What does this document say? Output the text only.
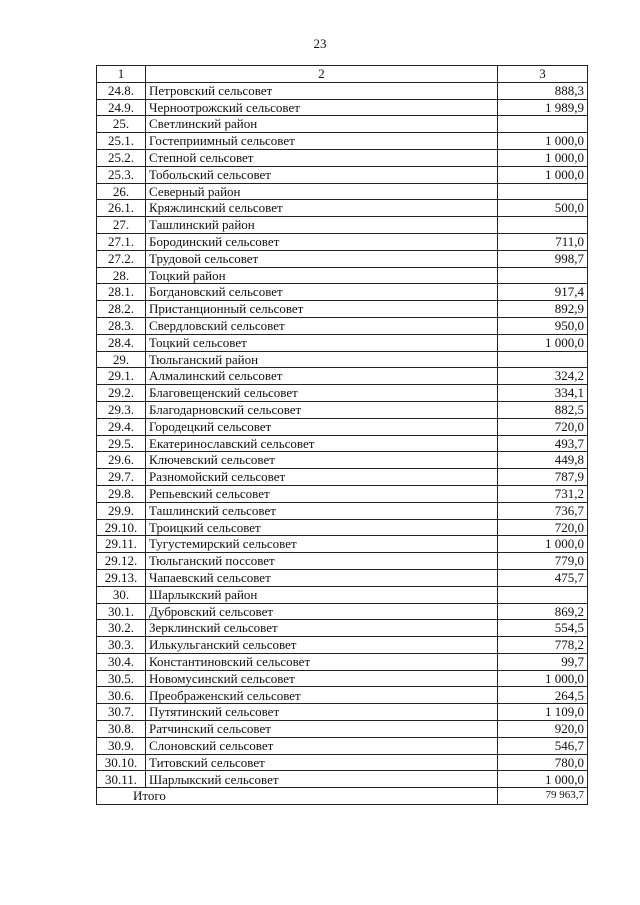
23
1	2	3
24.8.	Петровский сельсовет	888,3
24.9.	Черноотрожский сельсовет	1 989,9
25.	Светлинский район	
25.1.	Гостеприимный сельсовет	1 000,0
25.2.	Степной сельсовет	1 000,0
25.3.	Тобольский сельсовет	1 000,0
26.	Северный район	
26.1.	Кряжлинский сельсовет	500,0
27.	Ташлинский район	
27.1.	Бородинский сельсовет	711,0
27.2.	Трудовой сельсовет	998,7
28.	Тоцкий район	
28.1.	Богдановский сельсовет	917,4
28.2.	Пристанционный сельсовет	892,9
28.3.	Свердловский сельсовет	950,0
28.4.	Тоцкий сельсовет	1 000,0
29.	Тюльганский район	
29.1.	Алмалинский сельсовет	324,2
29.2.	Благовещенский сельсовет	334,1
29.3.	Благодарновский сельсовет	882,5
29.4.	Городецкий сельсовет	720,0
29.5.	Екатеринославский сельсовет	493,7
29.6.	Ключевский сельсовет	449,8
29.7.	Разномойский сельсовет	787,9
29.8.	Репьевский сельсовет	731,2
29.9.	Ташлинский сельсовет	736,7
29.10.	Троицкий сельсовет	720,0
29.11.	Тугустемирский сельсовет	1 000,0
29.12.	Тюльганский поссовет	779,0
29.13.	Чапаевский сельсовет	475,7
30.	Шарлыкский район	
30.1.	Дубровский сельсовет	869,2
30.2.	Зерклинский сельсовет	554,5
30.3.	Илькульганский сельсовет	778,2
30.4.	Константиновский сельсовет	99,7
30.5.	Новомусинский сельсовет	1 000,0
30.6.	Преображенский сельсовет	264,5
30.7.	Путятинский сельсовет	1 109,0
30.8.	Ратчинский сельсовет	920,0
30.9.	Слоновский сельсовет	546,7
30.10.	Титовский сельсовет	780,0
30.11.	Шарлыкский сельсовет	1 000,0
Итого		79 963,7
